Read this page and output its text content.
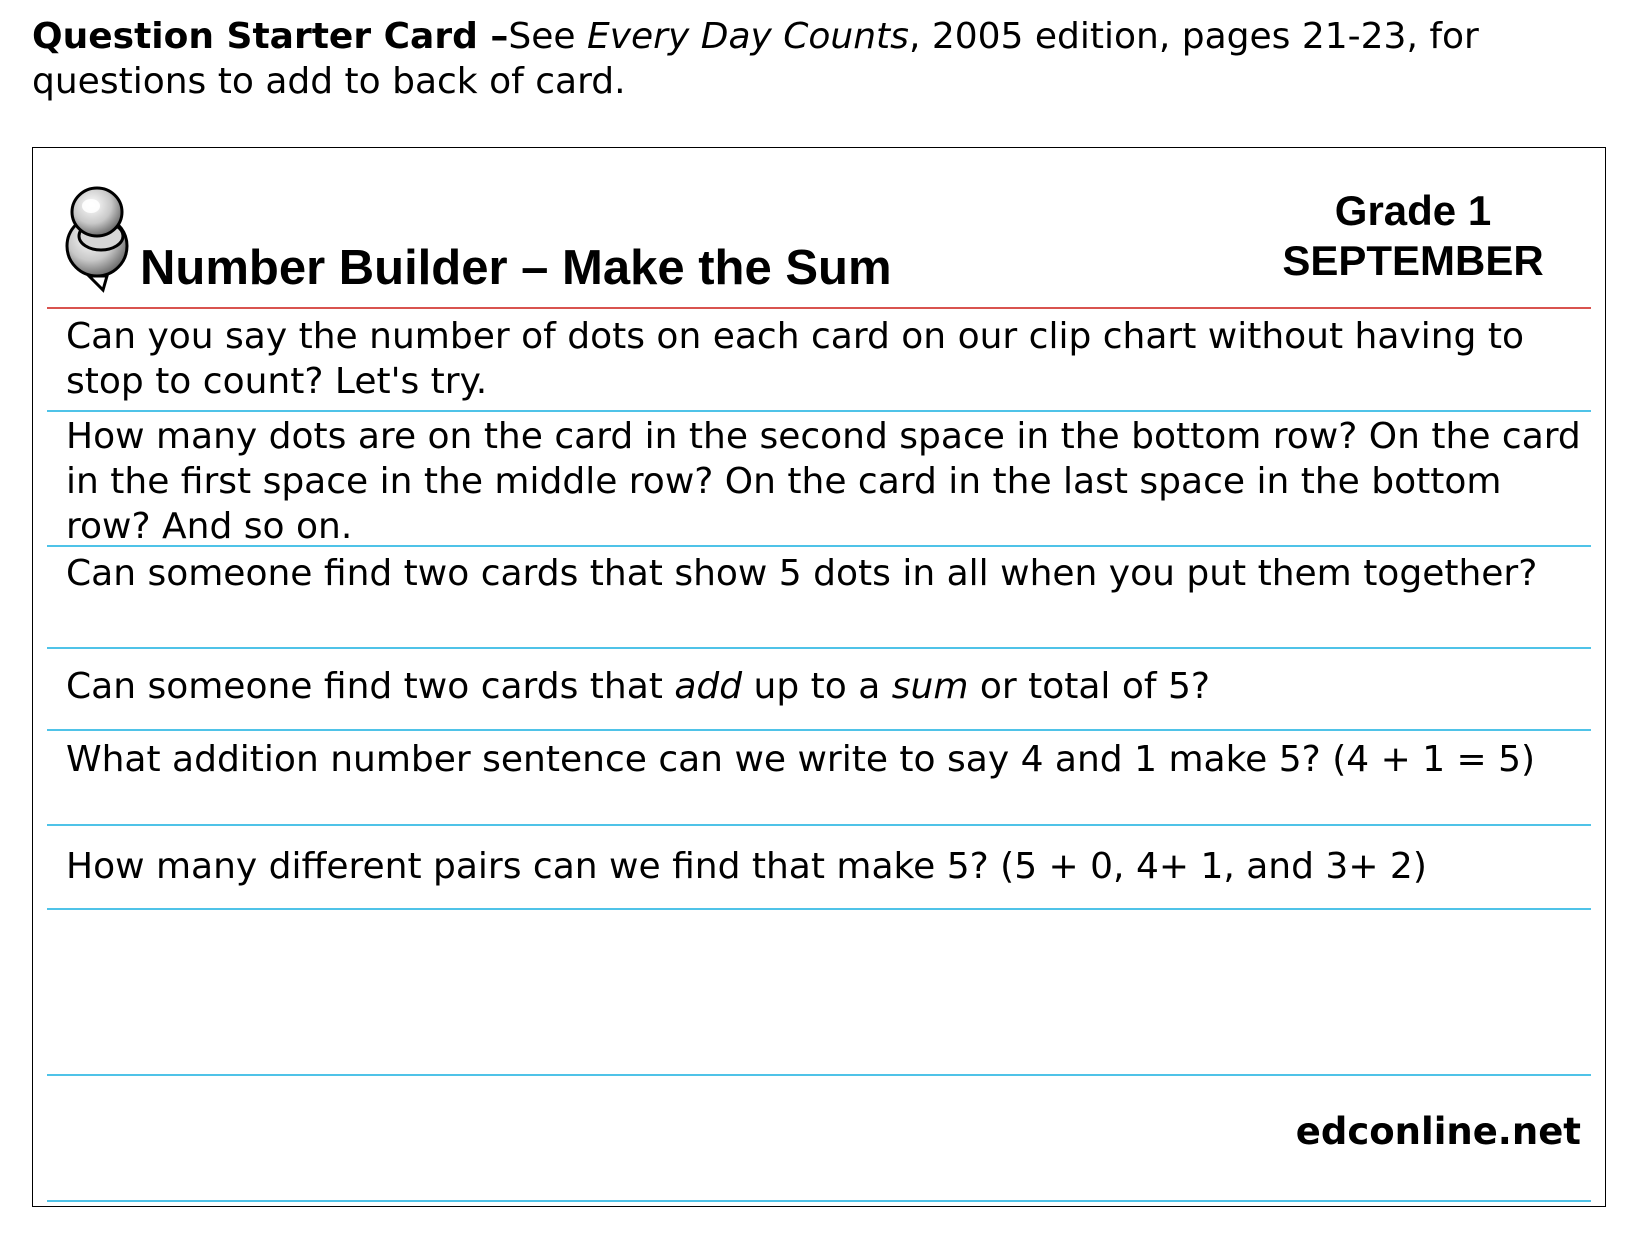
Question Starter Card –See Every Day Counts, 2005 edition, pages 21-23, for questions to add to back of card.

Number Builder – Make the Sum
Grade 1
SEPTEMBER
Can you say the number of dots on each card on our clip chart without having to stop to count? Let's try.
How many dots are on the card in the second space in the bottom row? On the card in the first space in the middle row? On the card in the last space in the bottom row? And so on.
Can someone find two cards that show 5 dots in all when you put them together?
Can someone find two cards that add up to a sum or total of 5?
What addition number sentence can we write to say 4 and 1 make 5? (4 + 1 = 5)
How many different pairs can we find that make 5? (5 + 0, 4+ 1, and 3+ 2)
edconline.net
